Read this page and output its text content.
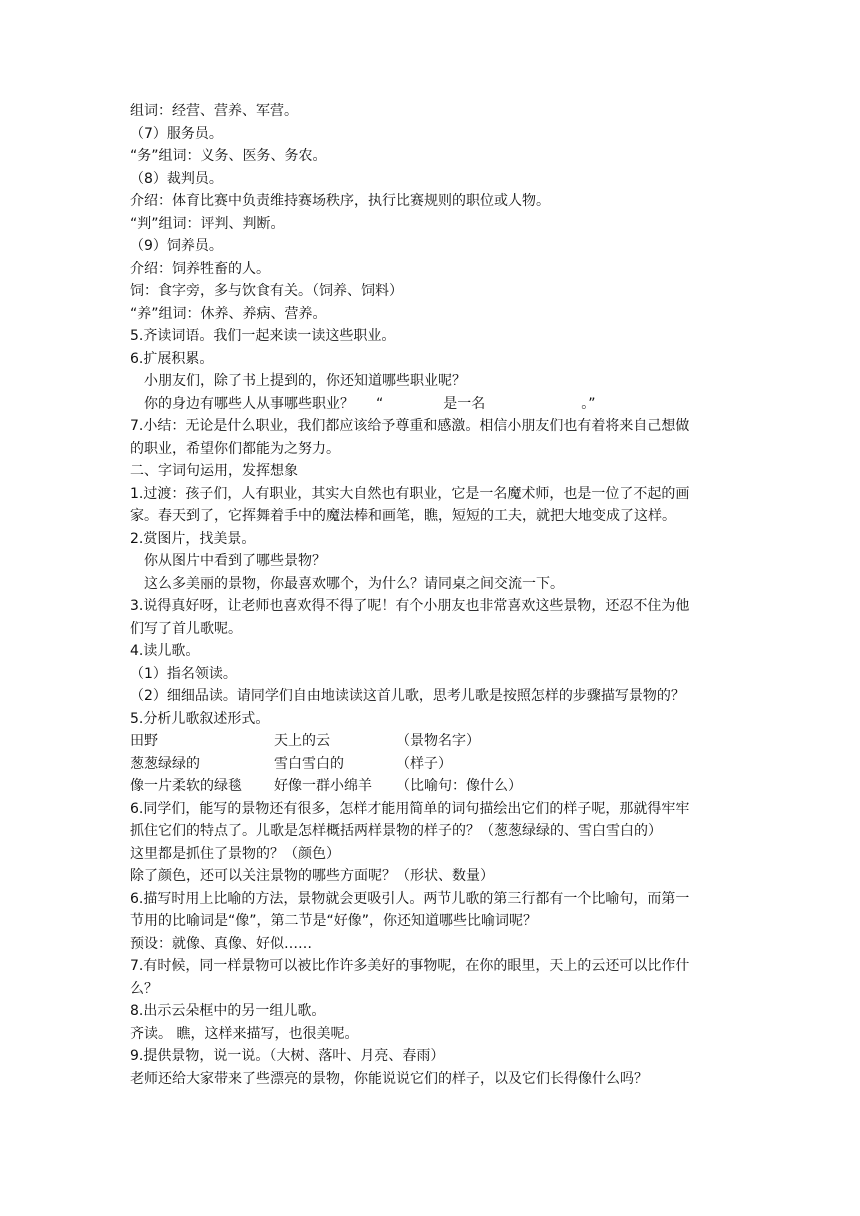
组词：经营、营养、军营。
（7）服务员。
“务”组词：义务、医务、务农。
（8）裁判员。
介绍：体育比赛中负责维持赛场秩序，执行比赛规则的职位或人物。
“判”组词：评判、判断。
（9）饲养员。
介绍：饲养牲畜的人。
饲：食字旁，多与饮食有关。（饲养、饲料）
“养”组词：休养、养病、营养。
5.齐读词语。我们一起来读一读这些职业。
6.扩展积累。
小朋友们，除了书上提到的，你还知道哪些职业呢？
你的身边有哪些人从事哪些职业？ “	是一名	。”
7.小结：无论是什么职业，我们都应该给予尊重和感激。相信小朋友们也有着将来自己想做
的职业，希望你们都能为之努力。
二、字词句运用，发挥想象
1.过渡：孩子们，人有职业，其实大自然也有职业，它是一名魔术师，也是一位了不起的画
家。春天到了，它挥舞着手中的魔法棒和画笔，瞧，短短的工夫，就把大地变成了这样。
2.赏图片，找美景。
你从图片中看到了哪些景物？
这么多美丽的景物，你最喜欢哪个，为什么？请同桌之间交流一下。
3.说得真好呀，让老师也喜欢得不得了呢！有个小朋友也非常喜欢这些景物，还忍不住为他
们写了首儿歌呢。
4.读儿歌。
（1）指名领读。
（2）细细品读。请同学们自由地读读这首儿歌，思考儿歌是按照怎样的步骤描写景物的？
5.分析儿歌叙述形式。
田野	天上的云	（景物名字）
葱葱绿绿的	雪白雪白的	（样子）
像一片柔软的绿毯 好像一群小绵羊 （比喻句：像什么）
6.同学们，能写的景物还有很多，怎样才能用简单的词句描绘出它们的样子呢，那就得牢牢
抓住它们的特点了。儿歌是怎样概括两样景物的样子的？（葱葱绿绿的、雪白雪白的）
这里都是抓住了景物的？（颜色）
除了颜色，还可以关注景物的哪些方面呢？（形状、数量）
6.描写时用上比喻的方法，景物就会更吸引人。两节儿歌的第三行都有一个比喻句，而第一
节用的比喻词是“像”，第二节是“好像”，你还知道哪些比喻词呢？
预设：就像、真像、好似……
7.有时候，同一样景物可以被比作许多美好的事物呢，在你的眼里，天上的云还可以比作什
么？
8.出示云朵框中的另一组儿歌。
齐读。 瞧，这样来描写，也很美呢。
9.提供景物，说一说。（大树、落叶、月亮、春雨）
老师还给大家带来了些漂亮的景物，你能说说它们的样子，以及它们长得像什么吗？
